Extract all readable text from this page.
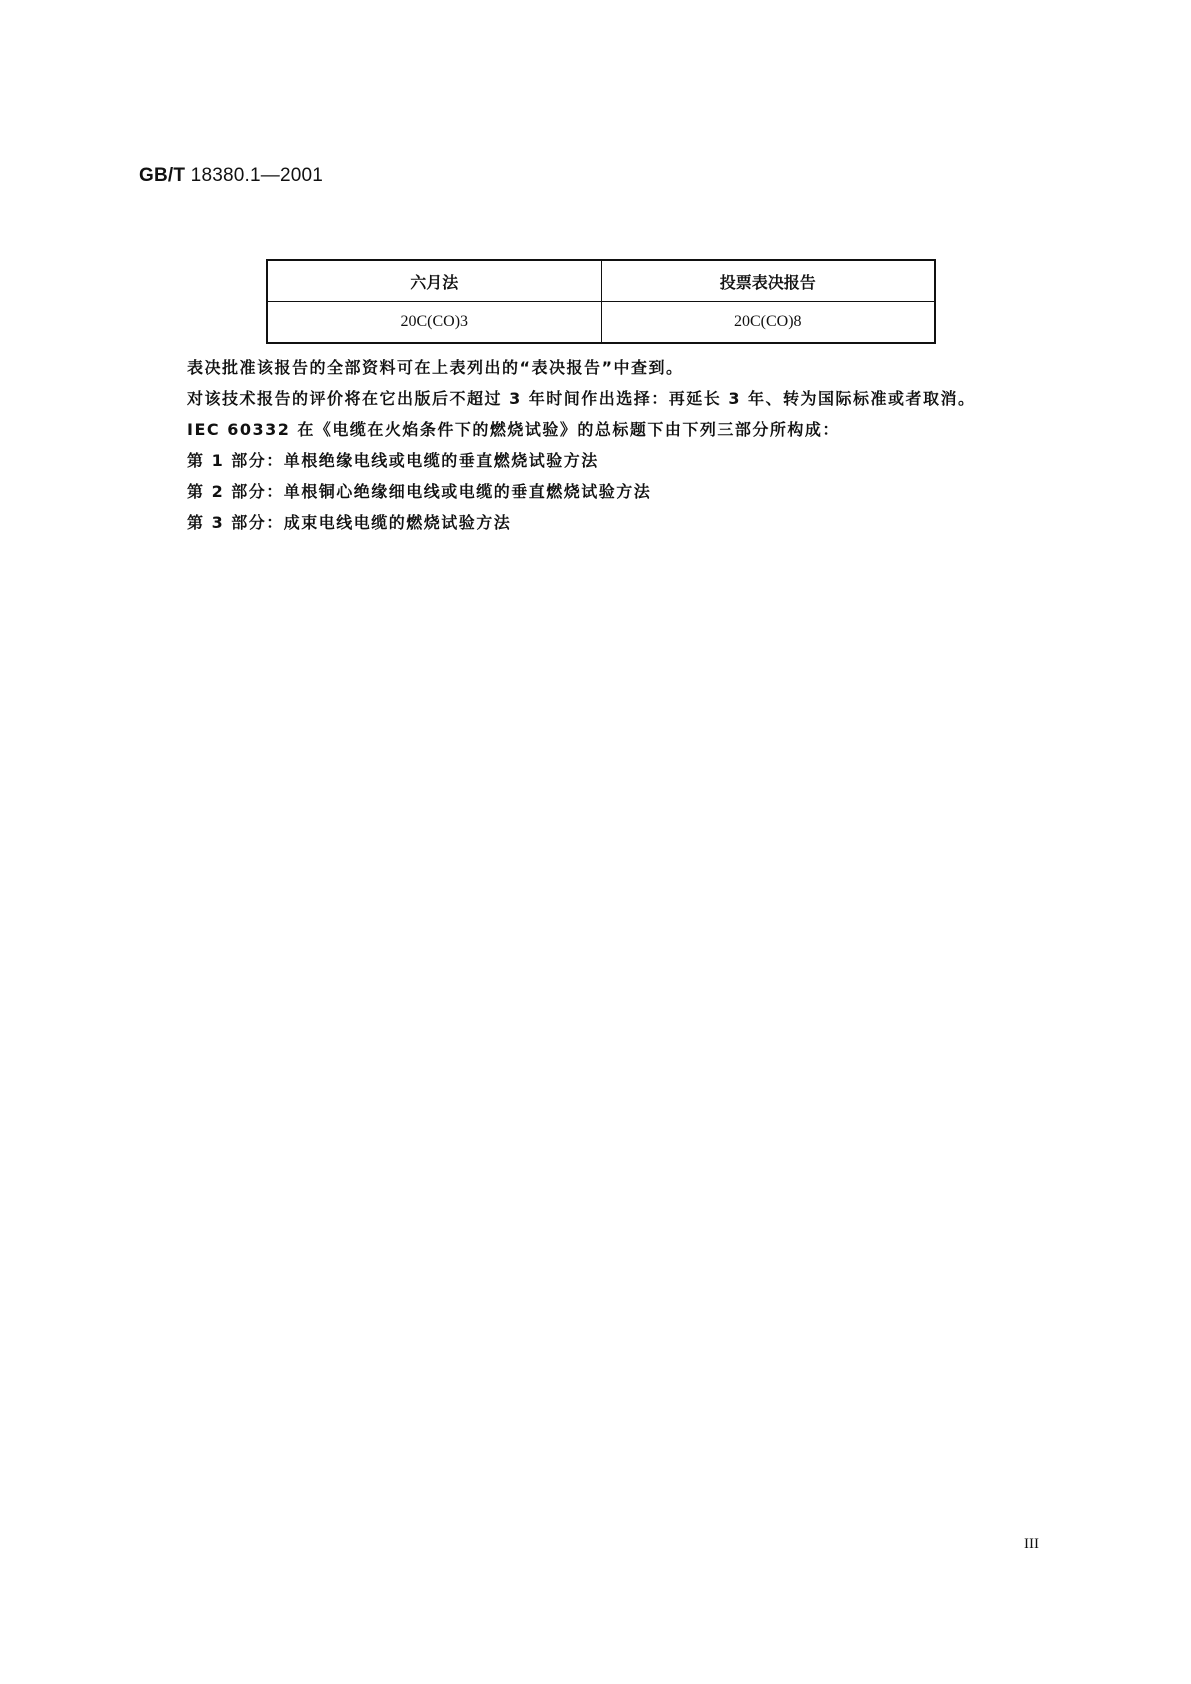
GB/T 18380.1—2001
六月法	投票表决报告
20C(CO)3	20C(CO)8

表决批准该报告的全部资料可在上表列出的“表决报告”中查到。

对该技术报告的评价将在它出版后不超过 3 年时间作出选择：再延长 3 年、转为国际标准或者取消。

IEC 60332 在《电缆在火焰条件下的燃烧试验》的总标题下由下列三部分所构成：

第 1 部分：单根绝缘电线或电缆的垂直燃烧试验方法

第 2 部分：单根铜心绝缘细电线或电缆的垂直燃烧试验方法

第 3 部分：成束电线电缆的燃烧试验方法

III
